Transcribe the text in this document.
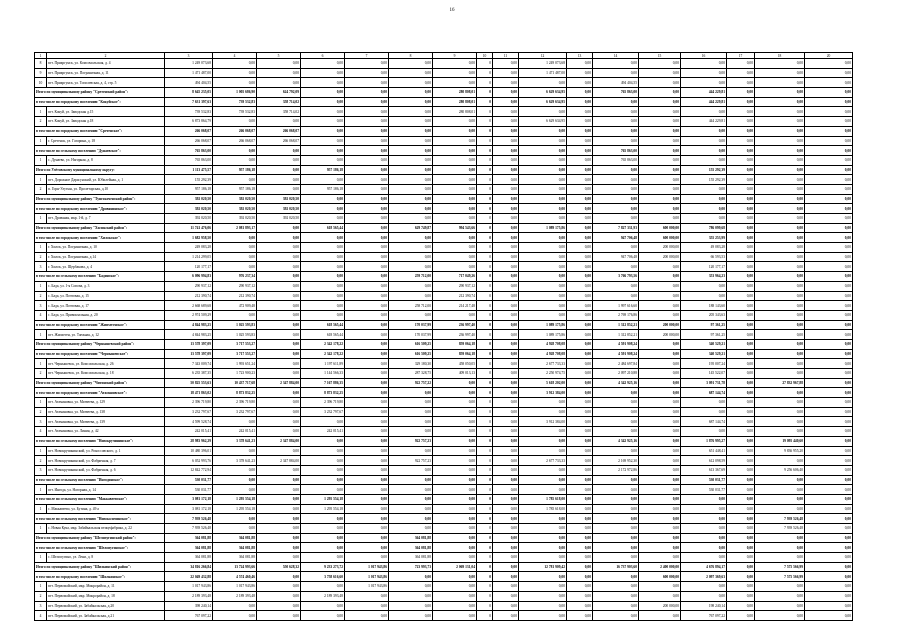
16
1	2	3	4	5	6	7	8	9	10	11	12	13	14	15	16	17	18	20
8	пгт. Приаргунск, ул. Комсомольская, д. 4	1 249 073,68	0,00	0,00	0,00	0,00	0,00	0,00	0	0,00	1 249 073,68	0,00	0,00	0,00	0,00	0,00	0,00	0,00
9	пгт. Приаргунск, ул. Пограничная, д. 11	1 471 487,00	0,00	0,00	0,00	0,00	0,00	0,00	0	0,00	1 471 487,00	0,00	0,00	0,00	0,00	0,00	0,00	0,00
10	пгт. Приаргунск, ул. Тополевская, д. 4, стр. 5	494 404,55	0,00	0,00	0,00	0,00	0,00	0,00	0	0,00	0,00	0,00	494 404,55	0,00	0,00	0,00	0,00	0,00
Итого по муниципальному району "Сретенский район":		8 645 235,05	1 005 686,90	624 792,09	0,00	0,00	0,00	280 808,01	0	0,00	6 629 634,95	0,00	765 863,00	0,00	444 229,81	0,00	0,00	0,00
в том числе по городскому поселению "Кокуйское":		7 631 397,63	739 532,83	358 714,02	0,00	0,00	0,00	280 808,01	0	0,00	6 629 634,95	0,00	0,00	0,00	444 229,81	0,00	0,00	0,00
1	пгт. Кокуй, ул. Заводская д.15	739 532,83	739 532,83	358 714,02	0,00	0,00	0,00	280 808,01	0	0,00	0,00	0,00	0,00	0,00	0,00	0,00	0,00	0,00
2	пгт. Кокуй, ул. Заводская д.18	6 873 864,79	0,00	0,00	0,00	0,00	0,00	0,00	0	0,00	6 629 634,95	0,00	0,00	0,00	444 229,81	0,00	0,00	0,00
в том числе по городскому поселению "Сретенское":		266 068,07	266 068,07	266 068,07	0,00	0,00	0,00	0,00	0	0,00	0,00	0,00	0,00	0,00	0,00	0,00	0,00	0,00
1	г. Сретенск, ул. Гагарина, д. 18	266 068,07	266 068,07	266 068,07	0,00	0,00	0,00	0,00	0	0,00	0,00	0,00	0,00	0,00	0,00	0,00	0,00	0,00
в том числе по сельскому поселению "Дунаевское":		765 863,00	0,00	0,00	0,00	0,00	0,00	0,00	0	0,00	0,00	0,00	765 863,00	0,00	0,00	0,00	0,00	0,00
1	с. Дунаево, ул. Нагорная, д. 8	765 863,00	0,00	0,00	0,00	0,00	0,00	0,00	0	0,00	0,00	0,00	765 863,00	0,00	0,00	0,00	0,00	0,00
Итого по Улётовскому муниципальному округу:		1 113 475,57	957 186,18	0,00	957 186,18	0,00	0,00	0,00	0	0,00	0,00	0,00	0,00	0,00	155 292,39	0,00	0,00	0,00
1	пгт. Дорожное Дарасунский, ул. Юбилейная, д. 1	155 292,39	0,00	0,00	0,00	0,00	0,00	0,00	0	0,00	0,00	0,00	0,00	0,00	155 292,39	0,00	0,00	0,00
2	п. Горн-Улутын, ул. Пролетарская, д.10	957 186,18	957 186,18	0,00	957 186,18	0,00	0,00	0,00	0	0,00	0,00	0,00	0,00	0,00	0,00	0,00	0,00	0,00
Итого по муниципальному району "Тунгокоченский район":		392 020,50	392 020,50	392 020,50	0,00	0,00	0,00	0,00	0	0,00	0,00	0,00	0,00	0,00	0,00	0,00	0,00	0,00
в том числе по городскому поселению "Дровянинское":		392 020,50	392 020,50	392 020,50	0,00	0,00	0,00	0,00	0	0,00	0,00	0,00	0,00	0,00	0,00	0,00	0,00	0,00
1	пгт. Дровяная, мкр. 1-й, д. 7	392 020,50	392 020,50	392 020,50	0,00	0,00	0,00	0,00	0	0,00	0,00	0,00	0,00	0,00	0,00	0,00	0,00	0,00
Итого по муниципальному району "Хилокский район":		11 741 476,06	2 081 893,17	0,00	618 565,44	0,00	629 749,87	994 543,66	0	0,00	1 089 175,86	0,00	7 827 331,93	600 000,00	786 099,68	0,00	0,00	0,00
в том числе по городскому поселению "Хилокское":		1 682 958,50	0,00	0,00	0,00	0,00	0,00	0,00	0	0,00	0,00	0,00	947 706,48	600 000,00	355 253,99	0,00	0,00	0,00
1	г. Хилок, ул. Пограничная, д. 10	249 083,28	0,00	0,00	0,00	0,00	0,00	0,00	0	0,00	0,00	0,00	0,00	200 000,00	49 083,28	0,00	0,00	0,00
2	г. Хилок, ул. Пограничная, д.14	1 214 299,05	0,00	0,00	0,00	0,00	0,00	0,00	0	0,00	0,00	0,00	947 706,48	200 000,00	66 593,53	0,00	0,00	0,00
3	г. Хилок, ул. Щербакова, д. 4	120 177,17	0,00	0,00	0,00	0,00	0,00	0,00	0	0,00	0,00	0,00	0,00	0,00	120 177,17	0,00	0,00	0,00
в том числе по сельскому поселению "Бадинское":		6 096 994,83	976 237,34	0,00	0,00	0,00	259 712,00	717 049,26	0	0,00	0,00	0,00	3 766 793,56	0,00	353 964,23	0,00	0,00	0,00
1	с. Бада, ул. 1-я Сопова, д. 3	290 937,12	290 937,12	0,00	0,00	0,00	0,00	290 937,12	0	0,00	0,00	0,00	0,00	0,00	0,00	0,00	0,00	0,00
2	с. Бада, ул. Почтовая, д. 15	212 390,74	212 390,74	0,00	0,00	0,00	0,00	212 390,74	0	0,00	0,00	0,00	0,00	0,00	0,00	0,00	0,00	0,00
3	с. Бада, ул. Почтовая, д. 17	2 668 689,68	472 909,48	0,00	0,00	0,00	258 712,00	214 217,48	0	0,00	0,00	0,00	1 997 616,60	0,00	188 143,60	0,00	0,00	0,00
4	с. Бада, ул. Привокзальная, д. 20	2 974 509,29	0,00	0,00	0,00	0,00	0,00	0,00	0	0,00	0,00	0,00	2 769 176,86	0,00	205 343,63	0,00	0,00	0,00
в том числе по городскому поселению "Жипхегенское":		4 844 983,25	1 025 593,83	0,00	618 565,44	0,00	170 037,99	236 997,40	0	0,00	1 089 175,86	0,00	1 312 852,21	200 000,00	97 361,25	0,00	0,00	0,00
1	пгт. Жипхеген, ул. Таежная, д. 12	4 844 983,25	1 025 593,83	0,00	618 565,44	0,00	170 037,99	236 997,40	0	0,00	1 089 175,86	0,00	1 312 852,21	200 000,00	97 361,25	0,00	0,00	0,00
Итого по муниципальному району "Чернышевский район":		13 578 397,09	3 717 553,27	0,00	2 342 178,22	0,00	616 509,25	859 064,18	0	0,00	4 928 708,08	0,00	4 591 908,24	0,00	340 529,21	0,00	0,00	0,00
в том числе по городскому поселению "Чернышевское":		13 578 397,09	3 717 553,27	0,00	2 342 178,22	0,00	616 509,25	859 064,18	0	0,00	4 928 708,08	0,00	4 591 908,24	0,00	340 529,21	0,00	0,00	0,00
1	пгт. Чернышевск, ул. Комсомольская, д. 26	7 343 009,74	1 993 651,24	0,00	1 197 611,89	0,00	329 180,30	458 050,05	0	0,00	2 677 733,33	0,00	2 484 697,84	0,00	195 007,24	0,00	0,00	0,00
2	пгт. Чернышевск, ул. Комсомольская, д. 18	6 235 387,35	1 723 900,23	0,00	1 144 566,33	0,00	287 328,75	409 013,13	0	0,00	2 250 974,75	0,00	2 097 210,88	0,00	145 522,07	0,00	0,00	0,00
Итого по муниципальному району "Читинский район":		50 825 553,63	10 437 717,68	2 347 884,00	7 167 886,35	0,00	922 757,22	0,00	0	0,00	5 618 202,00	0,00	4 342 925,16	0,00	3 091 731,78	0,00	27 832 967,88	0,00
в том числе по городскому поселению "Атамановское":		18 471 863,02	8 873 832,25	0,00	8 873 832,25	0,00	0,00	0,00	0	0,00	3 912 384,00	0,00	0,00	0,00	687 144,74	0,00	0,00	0,00
1	пгт. Атамановка, ул. Матвеева, д. 129	2 396 719,80	2 396 719,80	0,00	2 396 719,80	0,00	0,00	0,00	0	0,00	0,00	0,00	0,00	0,00	0,00	0,00	0,00	0,00
2	пгт. Атамановка, ул. Матвеева, д. 138	3 232 797,67	3 232 797,67	0,00	3 232 797,67	0,00	0,00	0,00	0	0,00	0,00	0,00	0,00	0,00	0,00	0,00	0,00	0,00
3	пгт. Атамановка, ул. Матвеева, д. 139	4 599 528,74	0,00	0,00	0,00	0,00	0,00	0,00	0	0,00	3 912 384,00	0,00	0,00	0,00	687 144,74	0,00	0,00	0,00
4	пгт. Атамановка, ул. Линия, д. 42	242 015,41	242 015,41	0,00	242 015,41	0,00	0,00	0,00	0	0,00	0,00	0,00	0,00	0,00	0,00	0,00	0,00	0,00
в том числе по сельскому поселению "Новокручининское":		28 983 962,29	3 378 641,23	2 347 884,00	0,00	0,00	922 757,23	0,00	0	0,00	0,00	0,00	4 342 925,16	0,00	1 876 995,27	0,00	19 095 440,60	0,00
1	пгт. Новокручининский, ул. Рокоссовского, д. 1	10 480 396,01	0,00	0,00	0,00	0,00	0,00	0,00	0	0,00	0,00	0,00	0,00	0,00	651 448,41	0,00	9 836 955,20	0,00
2	пгт. Новокручининский, ул. Фабричная, д. 7	6 052 993,76	3 378 641,23	2 347 884,00	0,00	0,00	922 757,23	0,00	0	0,00	2 677 733,33	0,00	2 169 952,30	0,00	612 098,59	0,00	0,00	0,00
3	пгт. Новокручининский, ул. Фабричная, д. 6	12 842 772,94	0,00	0,00	0,00	0,00	0,00	0,00	0	0,00	0,00	0,00	2 172 972,86	0,00	613 367,69	0,00	9 256 606,40	0,00
в том числе по сельскому поселению "Ингодинское":		530 031,77	0,00	0,00	0,00	0,00	0,00	0,00	0	0,00	0,00	0,00	0,00	0,00	530 031,77	0,00	0,00	0,00
1	пгт. Ингода, ул. Нагорная, д. 14	530 031,77	0,00	0,00	0,00	0,00	0,00	0,00	0	0,00	0,00	0,00	0,00	0,00	530 031,77	0,00	0,00	0,00
в том числе по сельскому поселению "Маккавеевское":		3 081 172,18	1 295 554,18	0,00	1 295 554,18	0,00	0,00	0,00	0	0,00	1 785 618,00	0,00	0,00	0,00	0,00	0,00	0,00	0,00
1	с. Маккавеево, ул. Бутина, д. 49 а	3 081 172,18	1 295 554,18	0,00	1 295 554,18	0,00	0,00	0,00	0	0,00	1 785 618,00	0,00	0,00	0,00	0,00	0,00	0,00	0,00
в том числе по сельскому поселению "Новоколочинское":		7 939 526,48	0,00	0,00	0,00	0,00	0,00	0,00	0	0,00	0,00	0,00	0,00	0,00	0,00	0,00	7 939 526,48	0,00
1	с. Новая Кука, мкр. Забайкальская птицефабрика, д. 22	7 939 526,48	0,00	0,00	0,00	0,00	0,00	0,00	0	0,00	0,00	0,00	0,00	0,00	0,00	0,00	7 939 526,48	0,00
Итого по муниципальному району "Шелопугинский район":		364 081,88	364 081,88	0,00	0,00	0,00	364 081,88	0,00	0	0,00	0,00	0,00	0,00	0,00	0,00	0,00	0,00	0,00
в том числе по сельскому поселению "Шелопугинское":		364 081,88	364 081,88	0,00	0,00	0,00	364 081,88	0,00	0	0,00	0,00	0,00	0,00	0,00	0,00	0,00	0,00	0,00
1	с. Шелопугино, ул. Лени, д. 8	364 081,88	364 081,88	0,00	0,00	0,00	364 081,88	0,00	0	0,00	0,00	0,00	0,00	0,00	0,00	0,00	0,00	0,00
Итого по муниципальному району "Шилкинский район":		34 816 266,84	13 724 993,66	550 628,32	9 233 273,72	1 017 943,86	723 993,73	2 069 131,04	0	0,00	12 781 909,42	0,00	16 737 903,60	2 400 000,00	4 676 894,17	0,00	7 575 566,99	0,00
в том числе по городскому поселению "Шилкинское":		22 049 432,88	4 574 460,46	0,00	3 758 616,60	1 017 943,86	0,00	0,00	0	0,00	0,00	0,00	0,00	600 000,00	2 097 369,63	0,00	7 575 566,99	0,00
1	пгт. Первомайский, мкр. Микрорайон, д. 11	1 017 943,86	1 017 943,86	0,00	0,00	1 017 943,86	0,00	0,00	0	0,00	0,00	0,00	0,00	0,00	0,00	0,00	0,00	0,00
2	пгт. Первомайский, мкр. Микрорайон, д. 18	2 189 393,48	2 189 393,48	0,00	2 189 393,48	0,00	0,00	0,00	0	0,00	0,00	0,00	0,00	0,00	0,00	0,00	0,00	0,00
3	пгт. Первомайский, ул. Забайкальская, д.20	398 240,14	0,00	0,00	0,00	0,00	0,00	0,00	0	0,00	0,00	0,00	0,00	200 000,00	198 240,14	0,00	0,00	0,00
4	пгт. Первомайский, ул. Забайкальская, д.21	767 097,22	0,00	0,00	0,00	0,00	0,00	0,00	0	0,00	0,00	0,00	0,00	0,00	767 097,22	0,00	0,00	0,00
